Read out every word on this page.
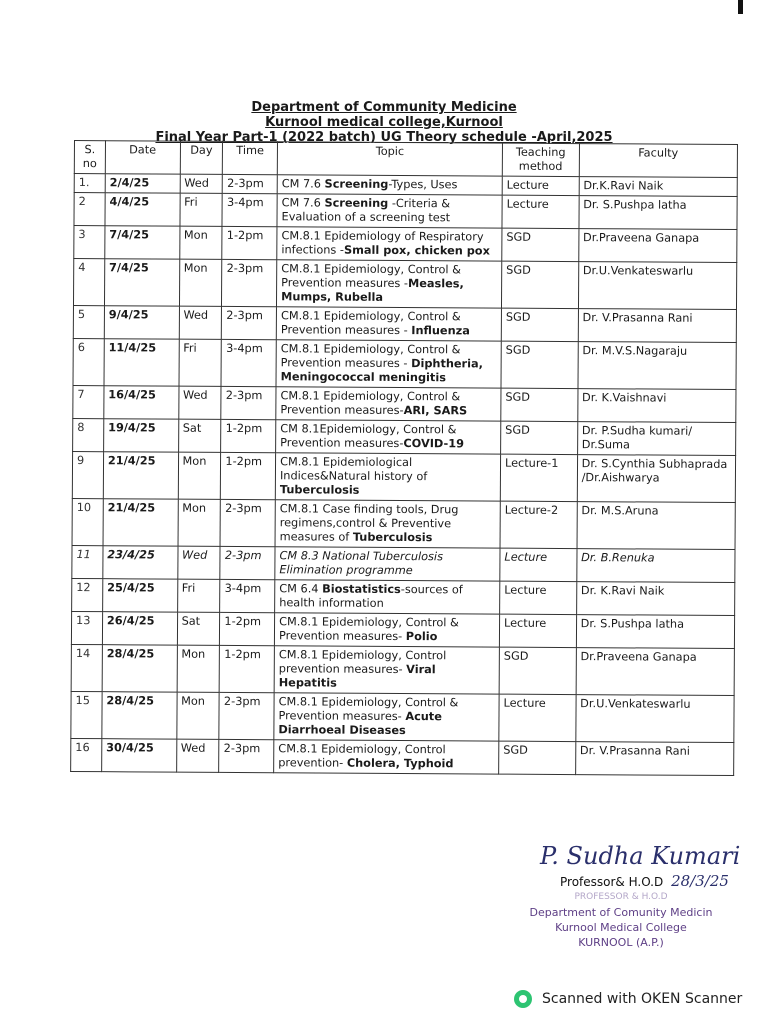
Department of Community Medicine
Kurnool medical college,Kurnool
Final Year Part-1 (2022 batch) UG Theory schedule -April,2025
S. no	Date	Day	Time	Topic	Teaching method	Faculty
1.	2/4/25	Wed	2-3pm	CM 7.6 Screening-Types, Uses	Lecture	Dr.K.Ravi Naik
2	4/4/25	Fri	3-4pm	CM 7.6 Screening -Criteria & Evaluation of a screening test	Lecture	Dr. S.Pushpa latha
3	7/4/25	Mon	1-2pm	CM.8.1 Epidemiology of Respiratory infections -Small pox, chicken pox	SGD	Dr.Praveena Ganapa
4	7/4/25	Mon	2-3pm	CM.8.1 Epidemiology, Control & Prevention measures -Measles, Mumps, Rubella	SGD	Dr.U.Venkateswarlu
5	9/4/25	Wed	2-3pm	CM.8.1 Epidemiology, Control & Prevention measures - Influenza	SGD	Dr. V.Prasanna Rani
6	11/4/25	Fri	3-4pm	CM.8.1 Epidemiology, Control & Prevention measures - Diphtheria, Meningococcal meningitis	SGD	Dr. M.V.S.Nagaraju
7	16/4/25	Wed	2-3pm	CM.8.1 Epidemiology, Control & Prevention measures-ARI, SARS	SGD	Dr. K.Vaishnavi
8	19/4/25	Sat	1-2pm	CM 8.1Epidemiology, Control & Prevention measures-COVID-19	SGD	Dr. P.Sudha kumari/ Dr.Suma
9	21/4/25	Mon	1-2pm	CM.8.1 Epidemiological Indices&Natural history of Tuberculosis	Lecture-1	Dr. S.Cynthia Subhaprada /Dr.Aishwarya
10	21/4/25	Mon	2-3pm	CM.8.1 Case finding tools, Drug regimens,control & Preventive measures of Tuberculosis	Lecture-2	Dr. M.S.Aruna
11	23/4/25	Wed	2-3pm	CM 8.3 National Tuberculosis Elimination programme	Lecture	Dr. B.Renuka
12	25/4/25	Fri	3-4pm	CM 6.4 Biostatistics-sources of health information	Lecture	Dr. K.Ravi Naik
13	26/4/25	Sat	1-2pm	CM.8.1 Epidemiology, Control & Prevention measures- Polio	Lecture	Dr. S.Pushpa latha
14	28/4/25	Mon	1-2pm	CM.8.1 Epidemiology, Control prevention measures- Viral Hepatitis	SGD	Dr.Praveena Ganapa
15	28/4/25	Mon	2-3pm	CM.8.1 Epidemiology, Control & Prevention measures- Acute Diarrhoeal Diseases	Lecture	Dr.U.Venkateswarlu
16	30/4/25	Wed	2-3pm	CM.8.1 Epidemiology, Control prevention- Cholera, Typhoid	SGD	Dr. V.Prasanna Rani
P. Sudha Kumari
Professor& H.O.D 28/3/25
PROFESSOR & H.O.D
Department of Comunity Medicin
Kurnool Medical College
KURNOOL (A.P.)
Scanned with OKEN Scanner
